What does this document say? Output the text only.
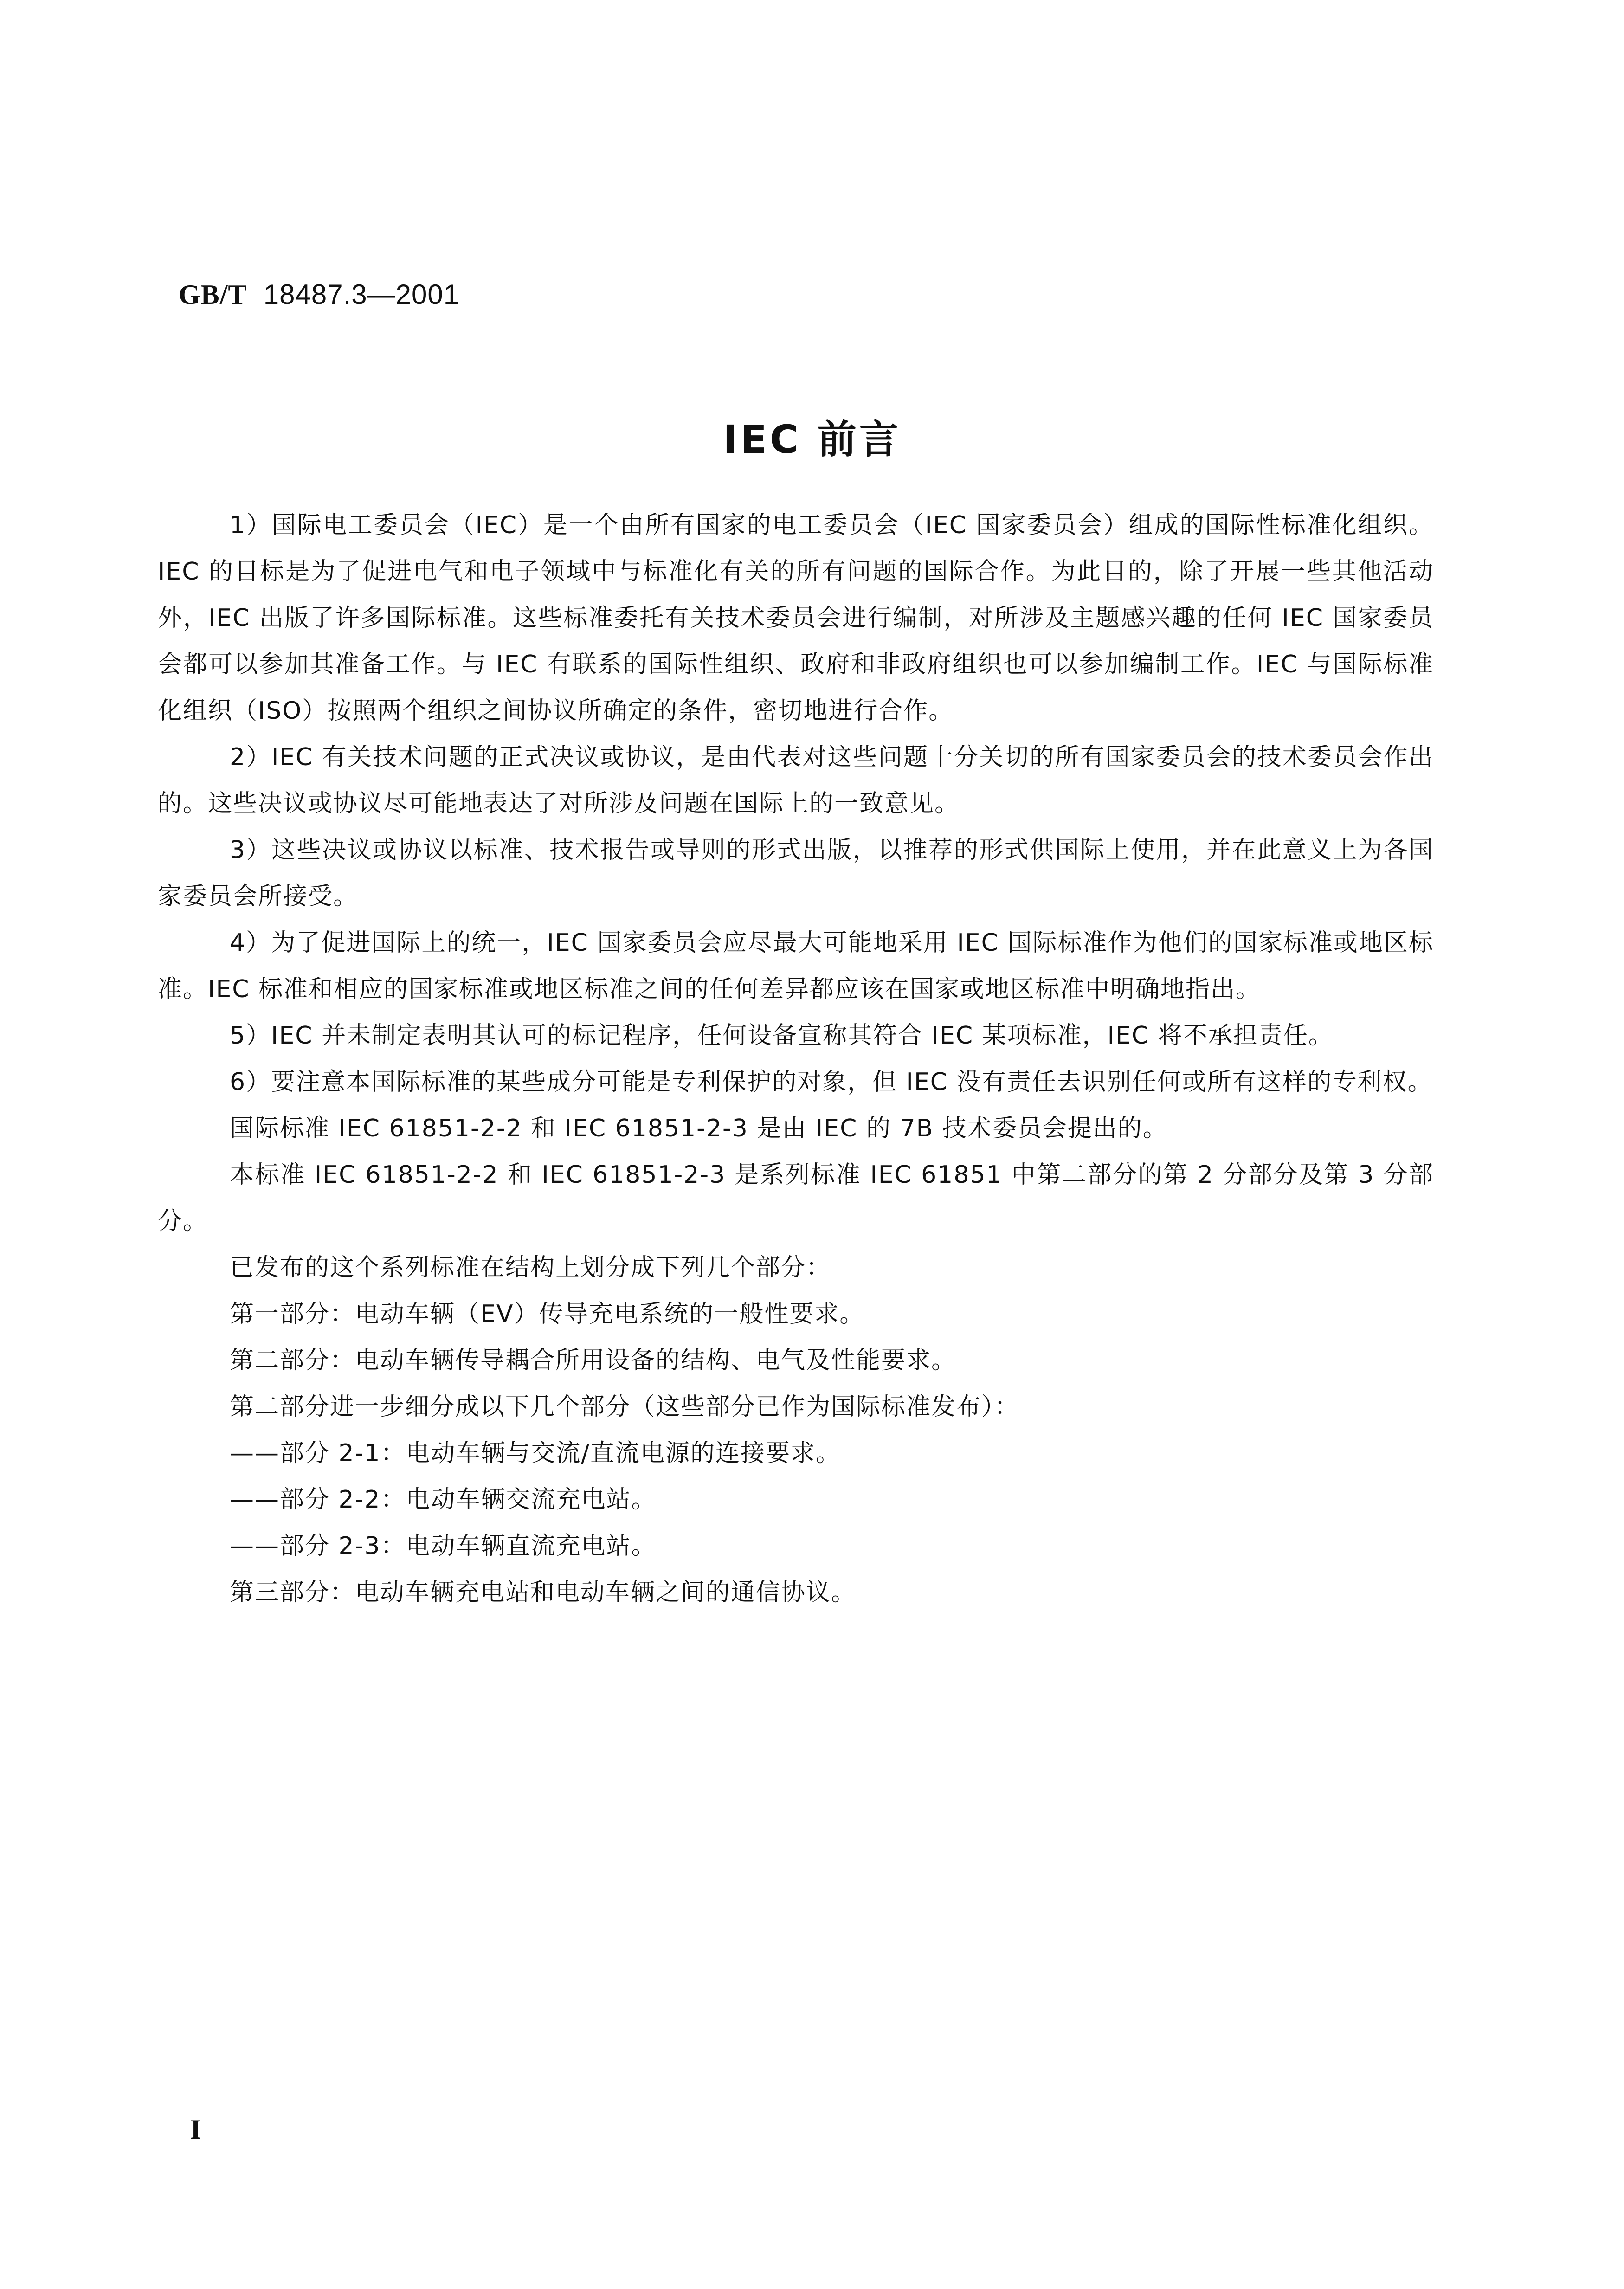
GB/T 18487.3—2001
IEC 前言

1）国际电工委员会（IEC）是一个由所有国家的电工委员会（IEC 国家委员会）组成的国际性标准化组织。IEC 的目标是为了促进电气和电子领域中与标准化有关的所有问题的国际合作。为此目的，除了开展一些其他活动外，IEC 出版了许多国际标准。这些标准委托有关技术委员会进行编制，对所涉及主题感兴趣的任何 IEC 国家委员会都可以参加其准备工作。与 IEC 有联系的国际性组织、政府和非政府组织也可以参加编制工作。IEC 与国际标准化组织（ISO）按照两个组织之间协议所确定的条件，密切地进行合作。

2）IEC 有关技术问题的正式决议或协议，是由代表对这些问题十分关切的所有国家委员会的技术委员会作出的。这些决议或协议尽可能地表达了对所涉及问题在国际上的一致意见。

3）这些决议或协议以标准、技术报告或导则的形式出版，以推荐的形式供国际上使用，并在此意义上为各国家委员会所接受。

4）为了促进国际上的统一，IEC 国家委员会应尽最大可能地采用 IEC 国际标准作为他们的国家标准或地区标准。IEC 标准和相应的国家标准或地区标准之间的任何差异都应该在国家或地区标准中明确地指出。

5）IEC 并未制定表明其认可的标记程序，任何设备宣称其符合 IEC 某项标准，IEC 将不承担责任。

6）要注意本国际标准的某些成分可能是专利保护的对象，但 IEC 没有责任去识别任何或所有这样的专利权。

国际标准 IEC 61851-2-2 和 IEC 61851-2-3 是由 IEC 的 7B 技术委员会提出的。

本标准 IEC 61851-2-2 和 IEC 61851-2-3 是系列标准 IEC 61851 中第二部分的第 2 分部分及第 3 分部分。

已发布的这个系列标准在结构上划分成下列几个部分：

第一部分：电动车辆（EV）传导充电系统的一般性要求。

第二部分：电动车辆传导耦合所用设备的结构、电气及性能要求。

第二部分进一步细分成以下几个部分（这些部分已作为国际标准发布）：

——部分 2-1：电动车辆与交流/直流电源的连接要求。

——部分 2-2：电动车辆交流充电站。

——部分 2-3：电动车辆直流充电站。

第三部分：电动车辆充电站和电动车辆之间的通信协议。

I
